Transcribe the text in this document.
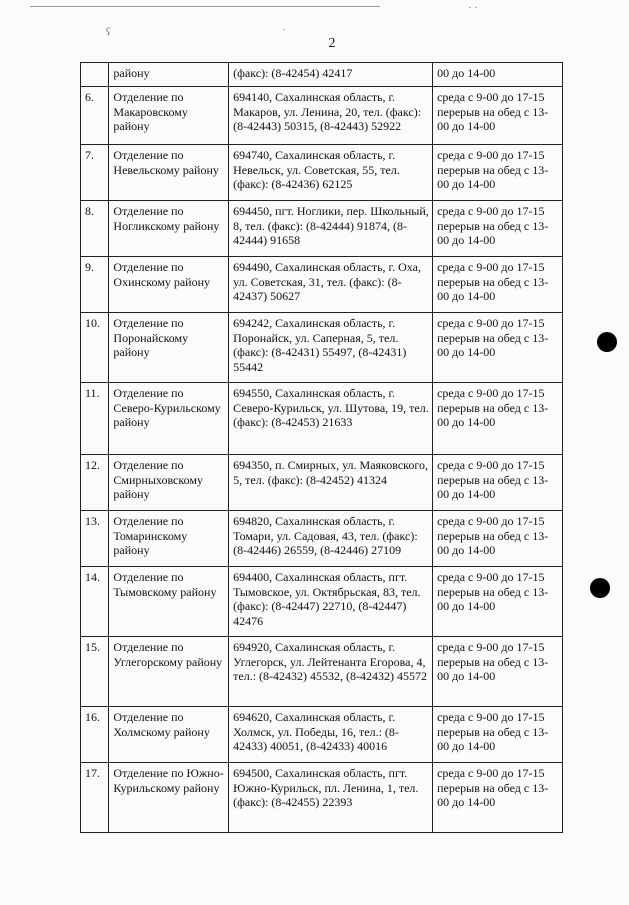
2
	району	(факс): (8-42454) 42417	00 до 14-00
6.	Отделение по Макаровскому району	694140, Сахалинская область, г. Макаров, ул. Ленина, 20, тел. (факс): (8-42443) 50315, (8-42443) 52922	среда с 9-00 до 17-15 перерыв на обед с 13-00 до 14-00
7.	Отделение по Невельскому району	694740, Сахалинская область, г. Невельск, ул. Советская, 55, тел. (факс): (8-42436) 62125	среда с 9-00 до 17-15 перерыв на обед с 13-00 до 14-00
8.	Отделение по Ногликскому району	694450, пгт. Ноглики, пер. Школьный, 8, тел. (факс): (8-42444) 91874, (8-42444) 91658	среда с 9-00 до 17-15 перерыв на обед с 13-00 до 14-00
9.	Отделение по Охинскому району	694490, Сахалинская область, г. Оха, ул. Советская, 31, тел. (факс): (8-42437) 50627	среда с 9-00 до 17-15 перерыв на обед с 13-00 до 14-00
10.	Отделение по Поронайскому району	694242, Сахалинская область, г. Поронайск, ул. Саперная, 5, тел. (факс): (8-42431) 55497, (8-42431) 55442	среда с 9-00 до 17-15 перерыв на обед с 13-00 до 14-00
11.	Отделение по Северо-Курильскому району	694550, Сахалинская область, г. Северо-Курильск, ул. Шутова, 19, тел. (факс): (8-42453) 21633	среда с 9-00 до 17-15 перерыв на обед с 13-00 до 14-00
12.	Отделение по Смирныховскому району	694350, п. Смирных, ул. Маяковского, 5, тел. (факс): (8-42452) 41324	среда с 9-00 до 17-15 перерыв на обед с 13-00 до 14-00
13.	Отделение по Томаринскому району	694820, Сахалинская область, г. Томари, ул. Садовая, 43, тел. (факс): (8-42446) 26559, (8-42446) 27109	среда с 9-00 до 17-15 перерыв на обед с 13-00 до 14-00
14.	Отделение по Тымовскому району	694400, Сахалинская область, пгт. Тымовское, ул. Октябрьская, 83, тел. (факс): (8-42447) 22710, (8-42447) 42476	среда с 9-00 до 17-15 перерыв на обед с 13-00 до 14-00
15.	Отделение по Углегорскому району	694920, Сахалинская область, г. Углегорск, ул. Лейтенанта Егорова, 4, тел.: (8-42432) 45532, (8-42432) 45572	среда с 9-00 до 17-15 перерыв на обед с 13-00 до 14-00
16.	Отделение по Холмскому району	694620, Сахалинская область, г. Холмск, ул. Победы, 16, тел.: (8-42433) 40051, (8-42433) 40016	среда с 9-00 до 17-15 перерыв на обед с 13-00 до 14-00
17.	Отделение по Южно-Курильскому району	694500, Сахалинская область, пгт. Южно-Курильск, пл. Ленина, 1, тел. (факс): (8-42455) 22393	среда с 9-00 до 17-15 перерыв на обед с 13-00 до 14-00
ʕ	·
· ·
